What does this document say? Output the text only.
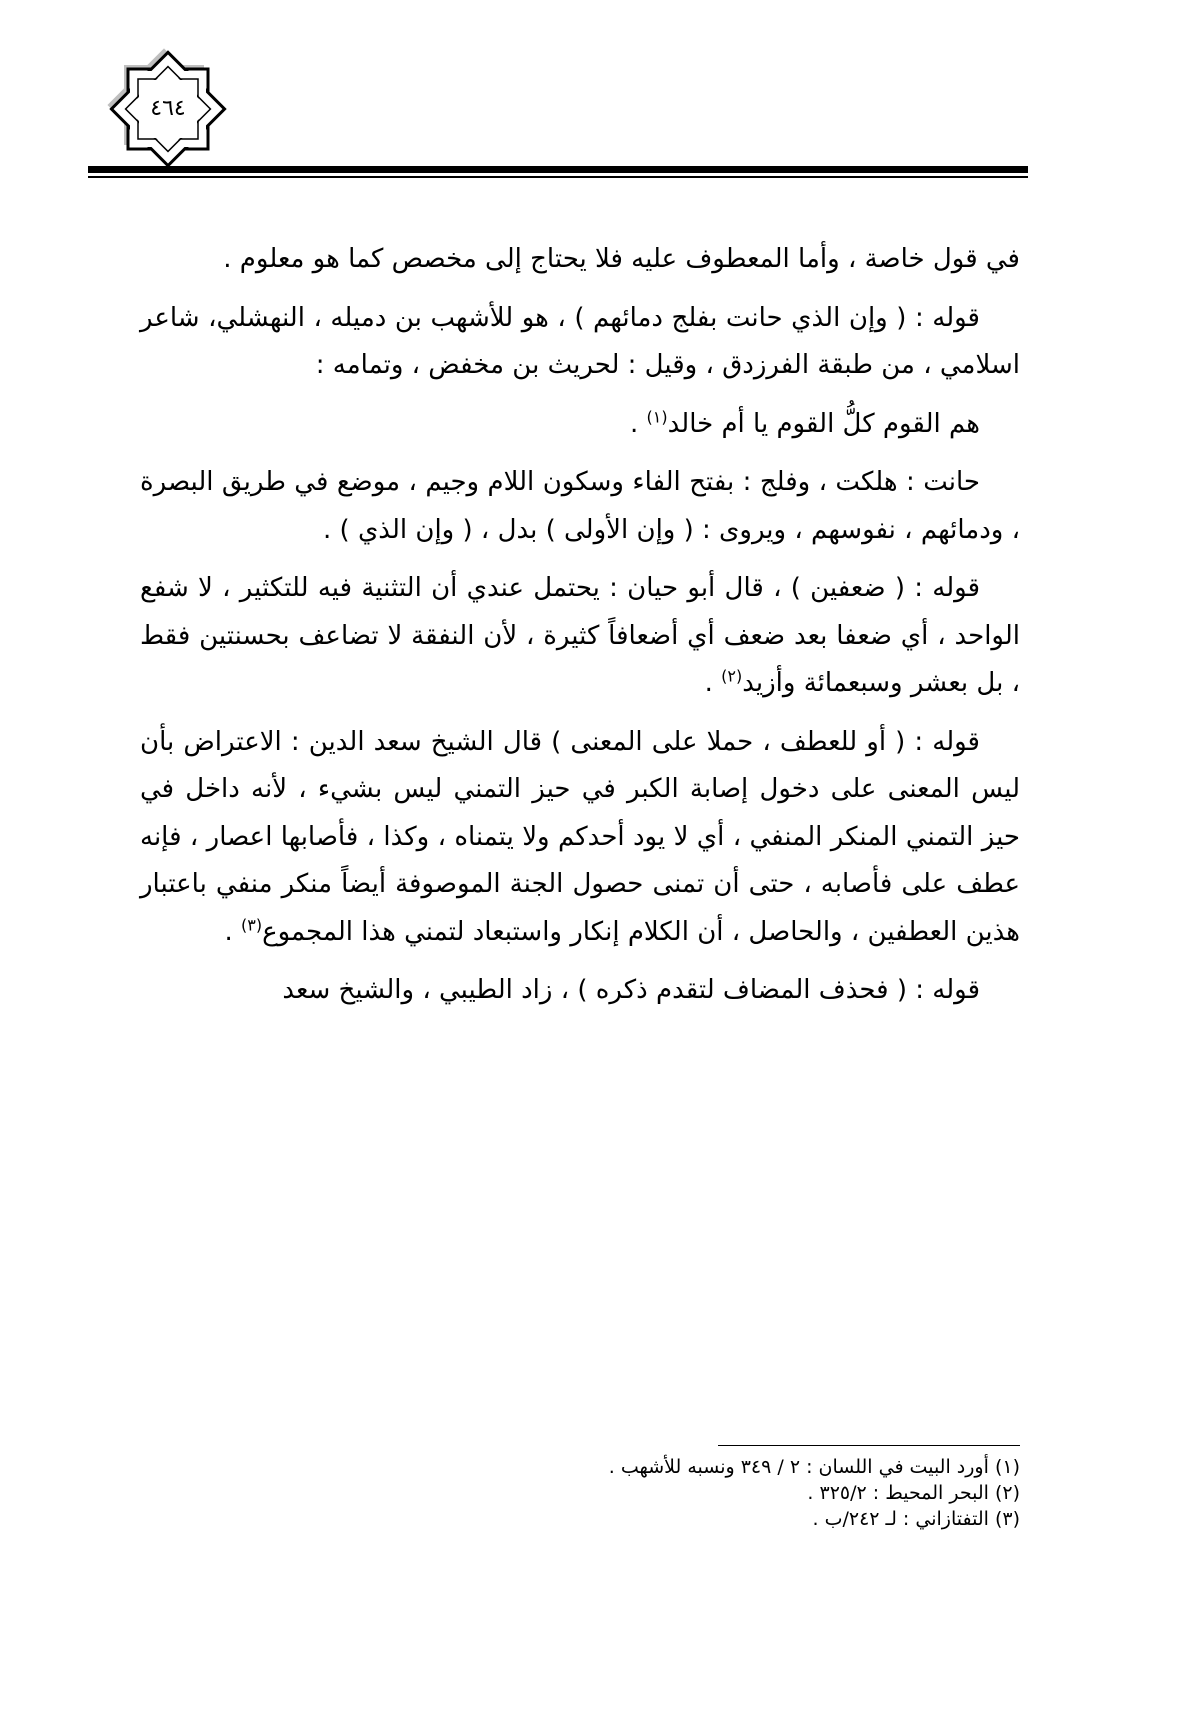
٤٦٤

في قول خاصة ، وأما المعطوف عليه فلا يحتاج إلى مخصص كما هو معلوم .

قوله : ( وإن الذي حانت بفلج دمائهم ) ، هو للأشهب بن دميله ، النهشلي، شاعر اسلامي ، من طبقة الفرزدق ، وقيل : لحريث بن مخفض ، وتمامه :

هم القوم كلُّ القوم يا أم خالد$^{(١)}$ .

حانت : هلكت ، وفلج : بفتح الفاء وسكون اللام وجيم ، موضع في طريق البصرة ، ودمائهم ، نفوسهم ، ويروى : ( وإن الأولى ) بدل ، ( وإن الذي ) .

قوله : ( ضعفين ) ، قال أبو حيان : يحتمل عندي أن التثنية فيه للتكثير ، لا شفع الواحد ، أي ضعفا بعد ضعف أي أضعافاً كثيرة ، لأن النفقة لا تضاعف بحسنتين فقط ، بل بعشر وسبعمائة وأزيد$^{(٢)}$ .

قوله : ( أو للعطف ، حملا على المعنى ) قال الشيخ سعد الدين : الاعتراض بأن ليس المعنى على دخول إصابة الكبر في حيز التمني ليس بشيء ، لأنه داخل في حيز التمني المنكر المنفي ، أي لا يود أحدكم ولا يتمناه ، وكذا ، فأصابها اعصار ، فإنه عطف على فأصابه ، حتى أن تمنى حصول الجنة الموصوفة أيضاً منكر منفي باعتبار هذين العطفين ، والحاصل ، أن الكلام إنكار واستبعاد لتمني هذا المجموع$^{(٣)}$ .

قوله : ( فحذف المضاف لتقدم ذكره ) ، زاد الطيبي ، والشيخ سعد

(١) أورد البيت في اللسان : ٢ / ٣٤٩ ونسبه للأشهب .

(٢) البحر المحيط : ٣٢٥/٢ .

(٣) التفتازاني : لـ ٢٤٢/ب .
